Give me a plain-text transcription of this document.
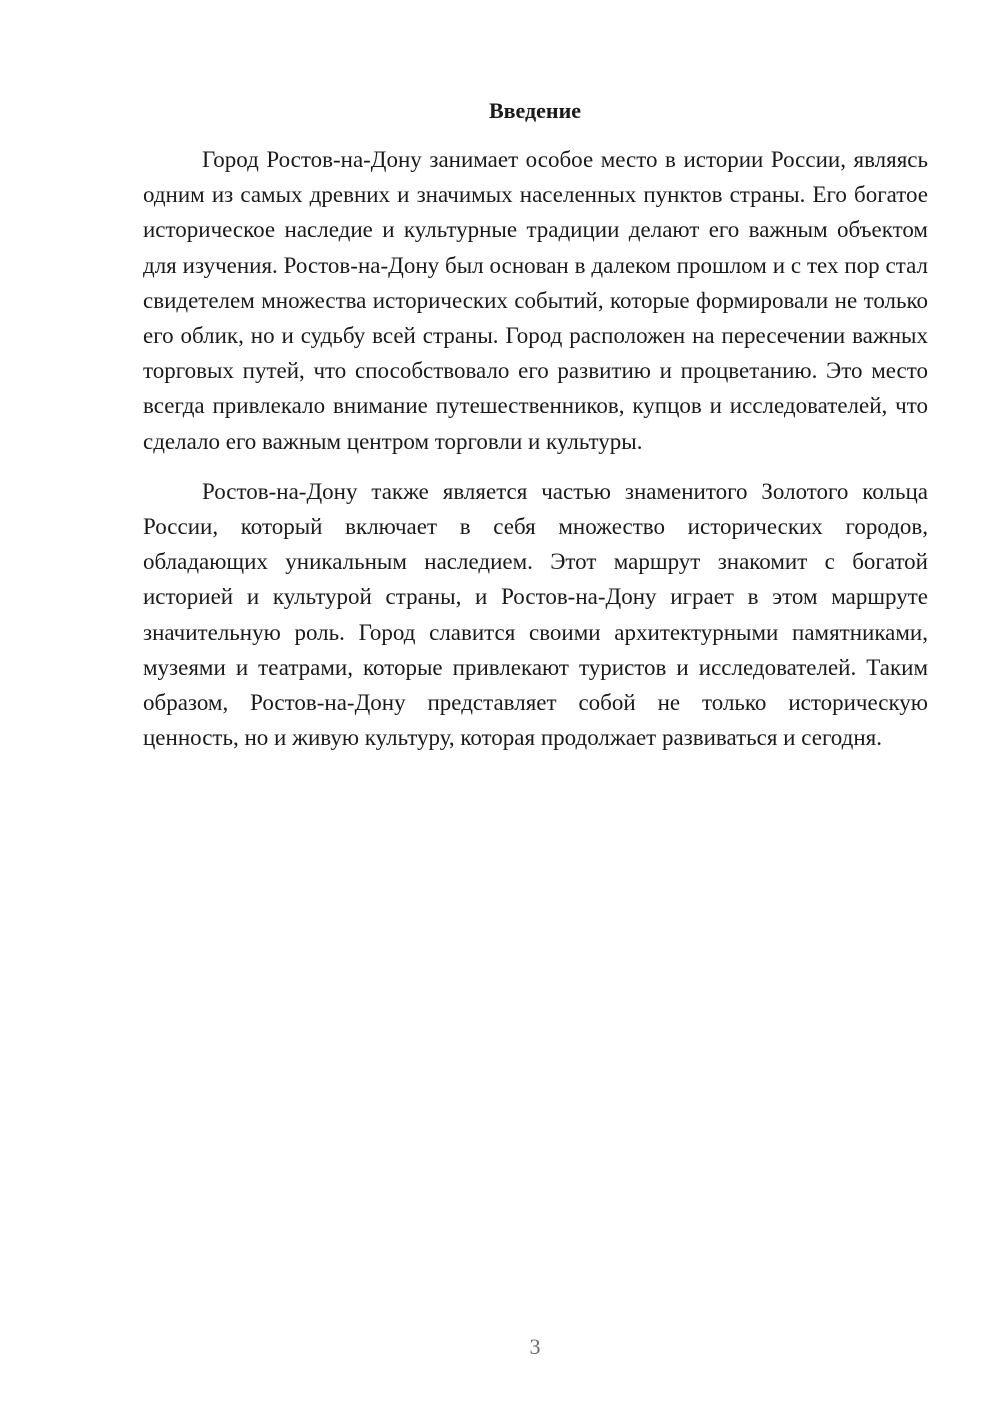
Введение

Город Ростов-на-Дону занимает особое место в истории России, являясь одним из самых древних и значимых населенных пунктов страны. Его богатое историческое наследие и культурные традиции делают его важным объектом для изучения. Ростов-на-Дону был основан в далеком прошлом и с тех пор стал свидетелем множества исторических событий, которые формировали не только его облик, но и судьбу всей страны. Город расположен на пересечении важных торговых путей, что способствовало его развитию и процветанию. Это место всегда привлекало внимание путешественников, купцов и исследователей, что сделало его важным центром торговли и культуры.

Ростов-на-Дону также является частью знаменитого Золотого кольца России, который включает в себя множество исторических городов, обладающих уникальным наследием. Этот маршрут знакомит с богатой историей и культурой страны, и Ростов-на-Дону играет в этом маршруте значительную роль. Город славится своими архитектурными памятниками, музеями и театрами, которые привлекают туристов и исследователей. Таким образом, Ростов-на-Дону представляет собой не только историческую ценность, но и живую культуру, которая продолжает развиваться и сегодня.

3
